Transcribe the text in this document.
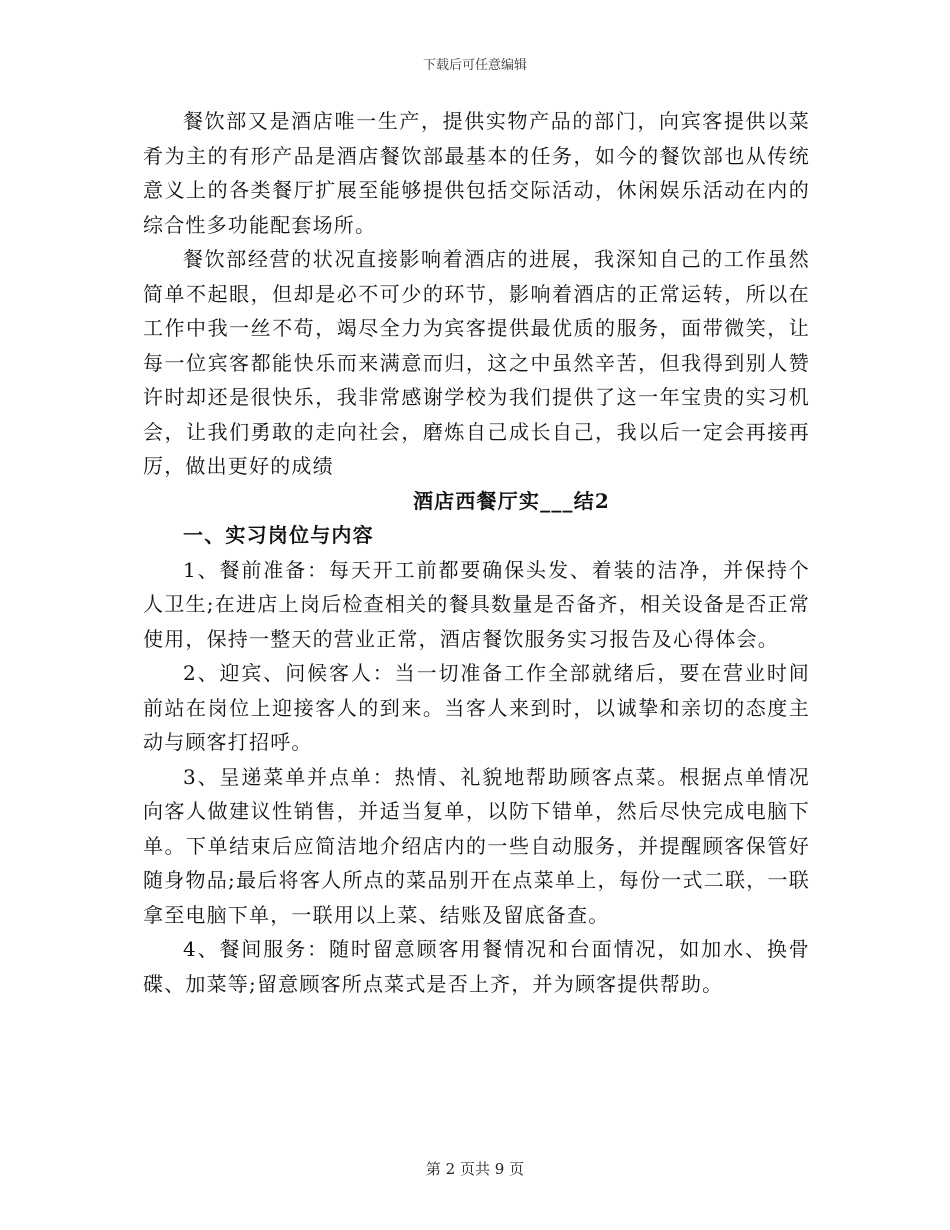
下载后可任意编辑

餐饮部又是酒店唯一生产，提供实物产品的部门，向宾客提供以菜肴为主的有形产品是酒店餐饮部最基本的任务，如今的餐饮部也从传统意义上的各类餐厅扩展至能够提供包括交际活动，休闲娱乐活动在内的综合性多功能配套场所。

餐饮部经营的状况直接影响着酒店的进展，我深知自己的工作虽然简单不起眼，但却是必不可少的环节，影响着酒店的正常运转，所以在工作中我一丝不苟，竭尽全力为宾客提供最优质的服务，面带微笑，让每一位宾客都能快乐而来满意而归，这之中虽然辛苦，但我得到别人赞许时却还是很快乐，我非常感谢学校为我们提供了这一年宝贵的实习机会，让我们勇敢的走向社会，磨炼自己成长自己，我以后一定会再接再厉，做出更好的成绩

酒店西餐厅实___结2

一、实习岗位与内容

1、餐前准备：每天开工前都要确保头发、着装的洁净，并保持个人卫生;在进店上岗后检查相关的餐具数量是否备齐，相关设备是否正常使用，保持一整天的营业正常，酒店餐饮服务实习报告及心得体会。

2、迎宾、问候客人：当一切准备工作全部就绪后，要在营业时间前站在岗位上迎接客人的到来。当客人来到时，以诚挚和亲切的态度主动与顾客打招呼。

3、呈递菜单并点单：热情、礼貌地帮助顾客点菜。根据点单情况向客人做建议性销售，并适当复单，以防下错单，然后尽快完成电脑下单。下单结束后应简洁地介绍店内的一些自动服务，并提醒顾客保管好随身物品;最后将客人所点的菜品别开在点菜单上，每份一式二联，一联拿至电脑下单，一联用以上菜、结账及留底备查。

4、餐间服务：随时留意顾客用餐情况和台面情况，如加水、换骨碟、加菜等;留意顾客所点菜式是否上齐，并为顾客提供帮助。

第 2 页共 9 页
